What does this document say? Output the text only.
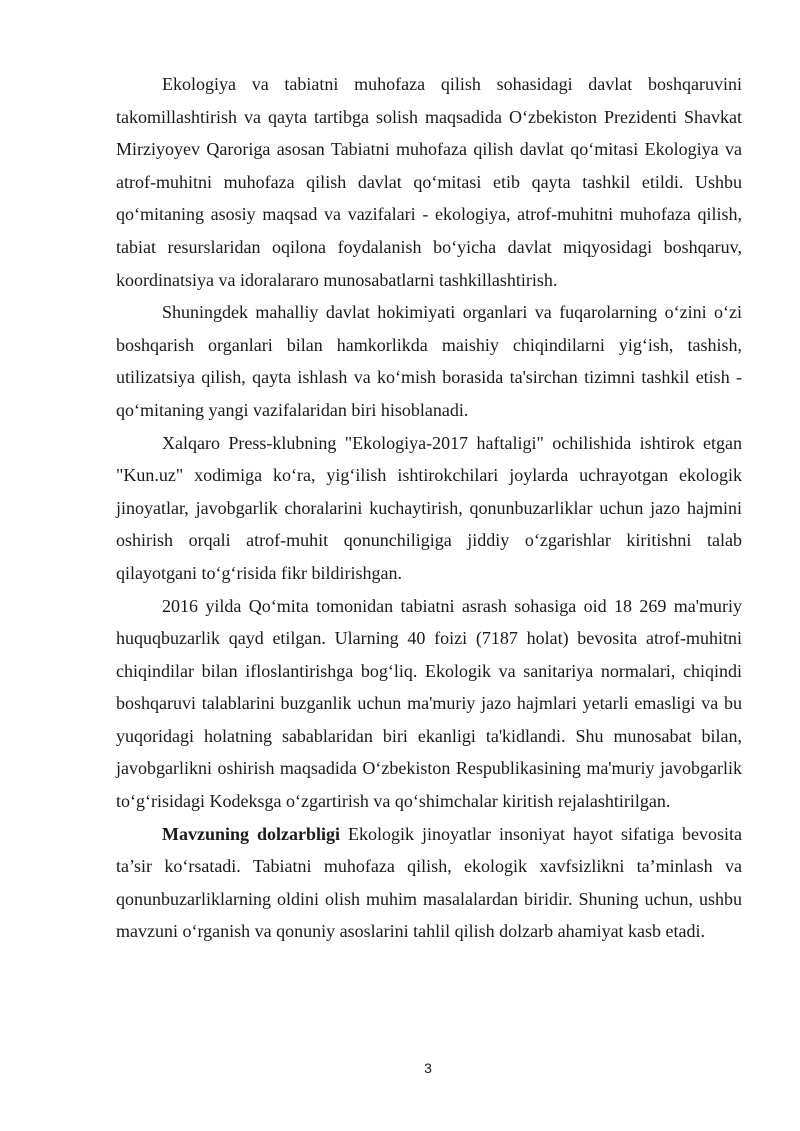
Ekologiya va tabiatni muhofaza qilish sohasidagi davlat boshqaruvini takomillashtirish va qayta tartibga solish maqsadida O‘zbekiston Prezidenti Shavkat Mirziyoyev Qaroriga asosan Tabiatni muhofaza qilish davlat qo‘mitasi Ekologiya va atrof-muhitni muhofaza qilish davlat qo‘mitasi etib qayta tashkil etildi. Ushbu qo‘mitaning asosiy maqsad va vazifalari - ekologiya, atrof-muhitni muhofaza qilish, tabiat resurslaridan oqilona foydalanish bo‘yicha davlat miqyosidagi boshqaruv, koordinatsiya va idoralararo munosabatlarni tashkillashtirish.

Shuningdek mahalliy davlat hokimiyati organlari va fuqarolarning o‘zini o‘zi boshqarish organlari bilan hamkorlikda maishiy chiqindilarni yig‘ish, tashish, utilizatsiya qilish, qayta ishlash va ko‘mish borasida ta'sirchan tizimni tashkil etish - qo‘mitaning yangi vazifalaridan biri hisoblanadi.

Xalqaro Press-klubning "Ekologiya-2017 haftaligi" ochilishida ishtirok etgan "Kun.uz" xodimiga ko‘ra, yig‘ilish ishtirokchilari joylarda uchrayotgan ekologik jinoyatlar, javobgarlik choralarini kuchaytirish, qonunbuzarliklar uchun jazo hajmini oshirish orqali atrof-muhit qonunchiligiga jiddiy o‘zgarishlar kiritishni talab qilayotgani to‘g‘risida fikr bildirishgan.

2016 yilda Qo‘mita tomonidan tabiatni asrash sohasiga oid 18 269 ma'muriy huquqbuzarlik qayd etilgan. Ularning 40 foizi (7187 holat) bevosita atrof-muhitni chiqindilar bilan ifloslantirishga bog‘liq. Ekologik va sanitariya normalari, chiqindi boshqaruvi talablarini buzganlik uchun ma'muriy jazo hajmlari yetarli emasligi va bu yuqoridagi holatning sabablaridan biri ekanligi ta'kidlandi. Shu munosabat bilan, javobgarlikni oshirish maqsadida O‘zbekiston Respublikasining ma'muriy javobgarlik to‘g‘risidagi Kodeksga o‘zgartirish va qo‘shimchalar kiritish rejalashtirilgan.

Mavzuning dolzarbligi Ekologik jinoyatlar insoniyat hayot sifatiga bevosita ta’sir ko‘rsatadi. Tabiatni muhofaza qilish, ekologik xavfsizlikni ta’minlash va qonunbuzarliklarning oldini olish muhim masalalardan biridir. Shuning uchun, ushbu mavzuni o‘rganish va qonuniy asoslarini tahlil qilish dolzarb ahamiyat kasb etadi.

3
